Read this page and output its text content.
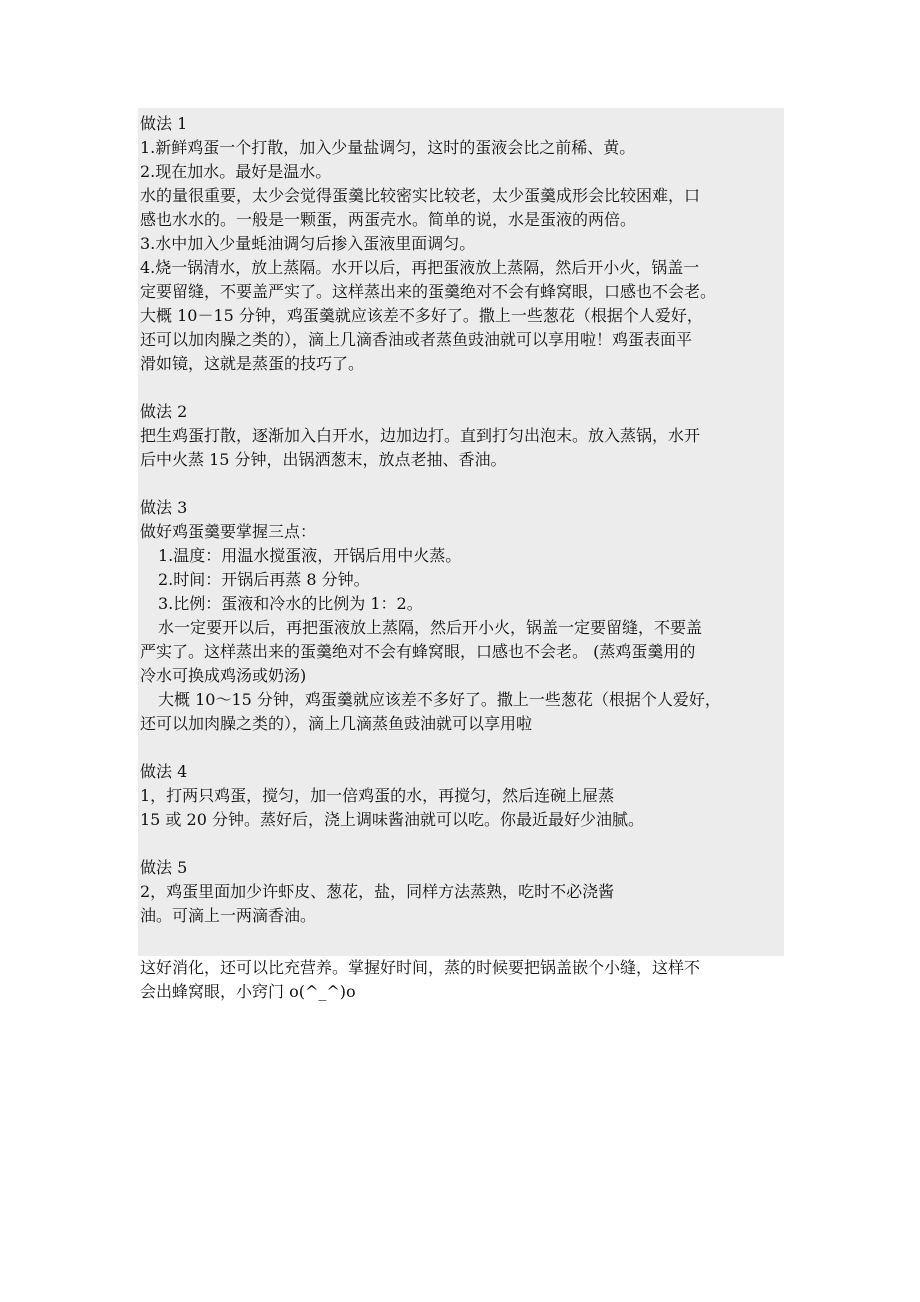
做法 1
1.新鲜鸡蛋一个打散，加入少量盐调匀，这时的蛋液会比之前稀、黄。
2.现在加水。最好是温水。
水的量很重要，太少会觉得蛋羹比较密实比较老，太少蛋羹成形会比较困难，口
感也水水的。一般是一颗蛋，两蛋壳水。简单的说，水是蛋液的两倍。
3.水中加入少量蚝油调匀后掺入蛋液里面调匀。
4.烧一锅清水，放上蒸隔。水开以后，再把蛋液放上蒸隔，然后开小火，锅盖一
定要留缝，不要盖严实了。这样蒸出来的蛋羹绝对不会有蜂窝眼，口感也不会老。
大概 10－15 分钟，鸡蛋羹就应该差不多好了。撒上一些葱花（根据个人爱好，
还可以加肉臊之类的），滴上几滴香油或者蒸鱼豉油就可以享用啦！鸡蛋表面平
滑如镜，这就是蒸蛋的技巧了。
做法 2
把生鸡蛋打散，逐渐加入白开水，边加边打。直到打匀出泡末。放入蒸锅，水开
后中火蒸 15 分钟，出锅洒葱末，放点老抽、香油。
做法 3
做好鸡蛋羹要掌握三点：
1.温度：用温水搅蛋液，开锅后用中火蒸。
2.时间：开锅后再蒸 8 分钟。
3.比例：蛋液和冷水的比例为 1：2。
水一定要开以后，再把蛋液放上蒸隔，然后开小火，锅盖一定要留缝，不要盖
严实了。这样蒸出来的蛋羹绝对不会有蜂窝眼，口感也不会老。 (蒸鸡蛋羹用的
冷水可换成鸡汤或奶汤)
大概 10～15 分钟，鸡蛋羹就应该差不多好了。撒上一些葱花（根据个人爱好，
还可以加肉臊之类的），滴上几滴蒸鱼豉油就可以享用啦
做法 4
1，打两只鸡蛋，搅匀，加一倍鸡蛋的水，再搅匀，然后连碗上屉蒸
15 或 20 分钟。蒸好后，浇上调味酱油就可以吃。你最近最好少油腻。
做法 5
2，鸡蛋里面加少许虾皮、葱花，盐，同样方法蒸熟，吃时不必浇酱
油。可滴上一两滴香油。
这好消化，还可以比充营养。掌握好时间，蒸的时候要把锅盖嵌个小缝，这样不
会出蜂窝眼，小窍门 o(^_^)o
